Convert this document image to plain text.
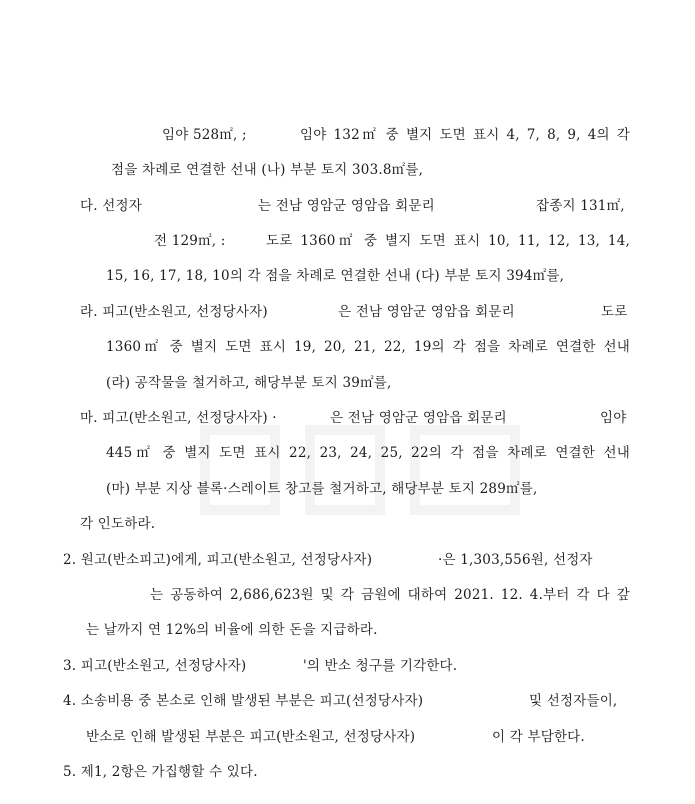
임야 528㎡, ;	임야 132㎡ 중 별지 도면 표시 4, 7, 8, 9, 4의 각
점을 차례로 연결한 선내 (나) 부분 토지 303.8㎡를,
다. 선정자	는 전남 영암군 영암읍 회문리	잡종지 131㎡,
전 129㎡, :	도로 1360㎡ 중 별지 도면 표시 10, 11, 12, 13, 14,
15, 16, 17, 18, 10의 각 점을 차례로 연결한 선내 (다) 부분 토지 394㎡를,
라. 피고(반소원고, 선정당사자)	은 전남 영암군 영암읍 회문리	도로
1360㎡ 중 별지 도면 표시 19, 20, 21, 22, 19의 각 점을 차례로 연결한 선내
(라) 공작물을 철거하고, 해당부분 토지 39㎡를,
마. 피고(반소원고, 선정당사자) ·	은 전남 영암군 영암읍 회문리	임야
445㎡ 중 별지 도면 표시 22, 23, 24, 25, 22의 각 점을 차례로 연결한 선내
(마) 부분 지상 블록·스레이트 창고를 철거하고, 해당부분 토지 289㎡를,
각 인도하라.
2. 원고(반소피고)에게, 피고(반소원고, 선정당사자)	·은 1,303,556원, 선정자
는 공동하여 2,686,623원 및 각 금원에 대하여 2021. 12. 4.부터 각 다 갚
는 날까지 연 12%의 비율에 의한 돈을 지급하라.
3. 피고(반소원고, 선정당사자)	'의 반소 청구를 기각한다.
4. 소송비용 중 본소로 인해 발생된 부분은 피고(선정당사자)	및 선정자들이,
반소로 인해 발생된 부분은 피고(반소원고, 선정당사자)	이 각 부담한다.
5. 제1, 2항은 가집행할 수 있다.
